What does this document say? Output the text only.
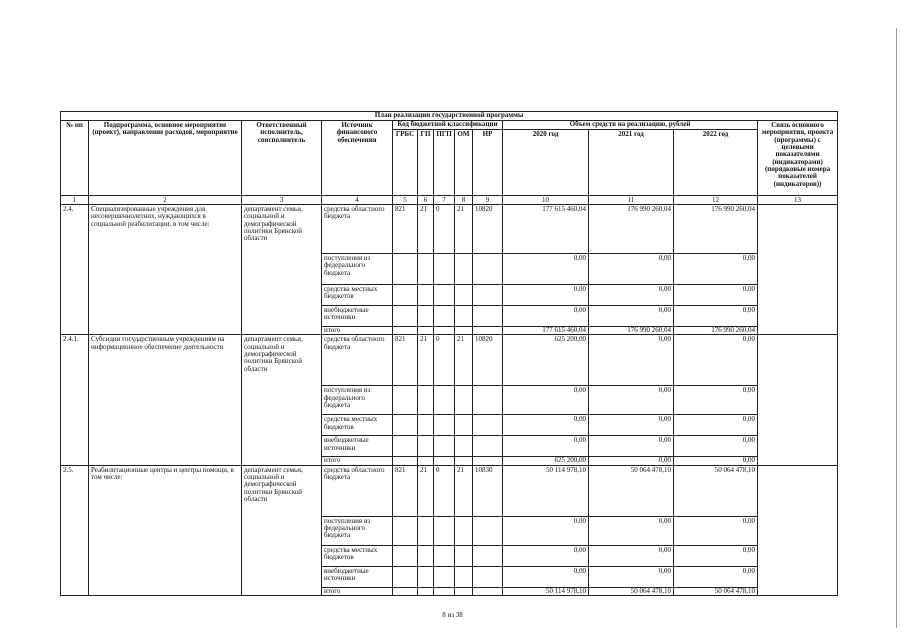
План реализации государственной программы												
№ пп	Подпрограмма, основное мероприятие (проект), направление расходов, мероприятие	Ответственный исполнитель, соисполнитель	Источник финансового обеспечения	Код бюджетной классификации					Объем средств на реализацию, рублей			Связь основного мероприятия, проекта (программы) с целевыми показателями (индикаторами) (порядковые номера показателей (индикаторов))
				ГРБС	ГП	ПГП	ОМ	НР	2020 год	2021 год	2022 год	
1	2	3	4	5	6	7	8	9	10	11	12	13
2.4.	Специализированные учреждения для несовершеннолетних, нуждающихся в социальной реабилитации, в том числе:	департамент семьи, социальной и демографической политики Брянской области	средства областного бюджета	821	21	0	21	10820	177 615 460,04	176 990 260,04	176 990 260,04	
			поступления из федерального бюджета						0,00	0,00	0,00	
			средства местных бюджетов						0,00	0,00	0,00	
			внебюджетные источники						0,00	0,00	0,00	
			итого						177 615 460,04	176 990 260,04	176 990 260,04	
2.4.1.	Субсидии государственным учреждениям на информационное обеспечение деятельности	департамент семьи, социальной и демографической политики Брянской области	средства областного бюджета	821	21	0	21	10820	625 200,00	0,00	0,00	
			поступления из федерального бюджета						0,00	0,00	0,00	
			средства местных бюджетов						0,00	0,00	0,00	
			внебюджетные источники						0,00	0,00	0,00	
			итого						625 200,00	0,00	0,00	
2.5.	Реабилитационные центры и центры помощи, в том числе:	департамент семьи, социальной и демографической политики Брянской области	средства областного бюджета	821	21	0	21	10830	50 114 978,10	50 064 478,10	50 064 478,10	
			поступления из федерального бюджета						0,00	0,00	0,00	
			средства местных бюджетов						0,00	0,00	0,00	
			внебюджетные источники						0,00	0,00	0,00	
			итого						50 114 978,10	50 064 478,10	50 064 478,10	
8 из 38
